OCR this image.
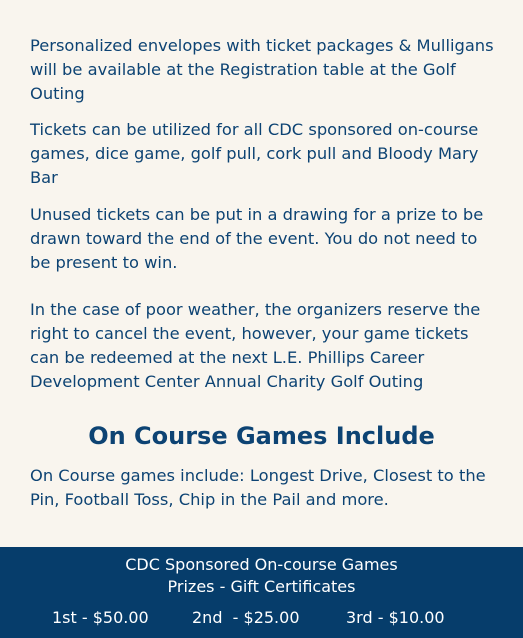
Personalized envelopes with ticket packages & Mulligans will be available at the Registration table at the Golf Outing

Tickets can be utilized for all CDC sponsored on-course games, dice game, golf pull, cork pull and Bloody Mary Bar

Unused tickets can be put in a drawing for a prize to be drawn toward the end of the event. You do not need to be present to win.

In the case of poor weather, the organizers reserve the right to cancel the event, however, your game tickets can be redeemed at the next L.E. Phillips Career Development Center Annual Charity Golf Outing

On Course Games Include

On Course games include: Longest Drive, Closest to the Pin, Football Toss, Chip in the Pail and more.

CDC Sponsored On-course Games
Prizes - Gift Certificates
1st - $50.00	2nd  - $25.00	3rd - $10.00
